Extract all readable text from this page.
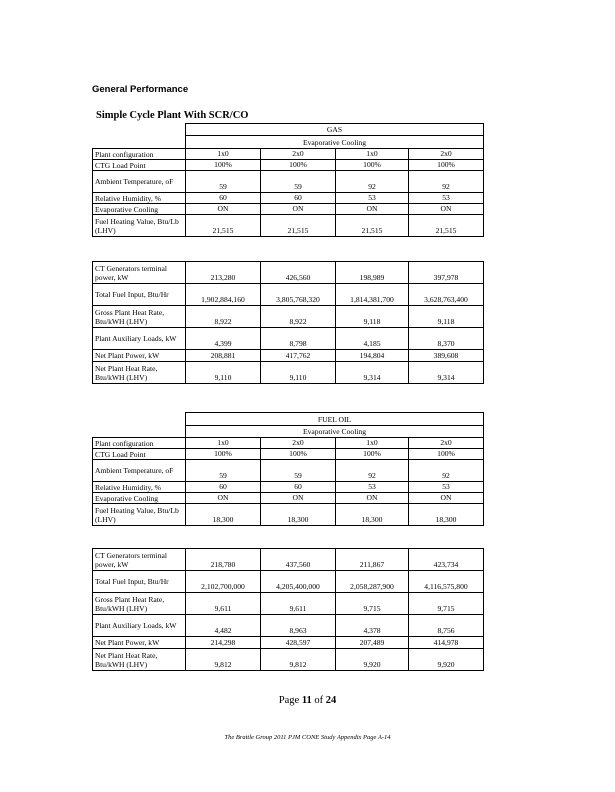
General Performance
Simple Cycle Plant With SCR/CO
	GAS			
	Evaporative Cooling			
Plant configuration	1x0	2x0	1x0	2x0
CTG Load Point	100%	100%	100%	100%
Ambient Temperature, oF	59	59	92	92
Relative Humidity, %	60	60	53	53
Evaporative Cooling	ON	ON	ON	ON
Fuel Heating Value, Btu/Lb (LHV)	21,515	21,515	21,515	21,515
CT Generators terminal power, kW	213,280	426,560	198,989	397,978
Total Fuel Input, Btu/Hr	1,902,884,160	3,805,768,320	1,814,381,700	3,628,763,400
Gross Plant Heat Rate, Btu/kWH (LHV)	8,922	8,922	9,118	9,118
Plant Auxiliary Loads, kW	4,399	8,798	4,185	8,370
Net Plant Power, kW	208,881	417,762	194,804	389,608
Net Plant Heat Rate, Btu/kWH (LHV)	9,110	9,110	9,314	9,314
	FUEL OIL			
	Evaporative Cooling			
Plant configuration	1x0	2x0	1x0	2x0
CTG Load Point	100%	100%	100%	100%
Ambient Temperature, oF	59	59	92	92
Relative Humidity, %	60	60	53	53
Evaporative Cooling	ON	ON	ON	ON
Fuel Heating Value, Btu/Lb (LHV)	18,300	18,300	18,300	18,300
CT Generators terminal power, kW	218,780	437,560	211,867	423,734
Total Fuel Input, Btu/Hr	2,102,700,000	4,205,400,000	2,058,287,900	4,116,575,800
Gross Plant Heat Rate, Btu/kWH (LHV)	9,611	9,611	9,715	9,715
Plant Auxiliary Loads, kW	4,482	8,963	4,378	8,756
Net Plant Power, kW	214,298	428,597	207,489	414,978
Net Plant Heat Rate, Btu/kWH (LHV)	9,812	9,812	9,920	9,920
Page 11 of 24
The Brattle Group 2011 PJM CONE Study Appendix Page A-14
